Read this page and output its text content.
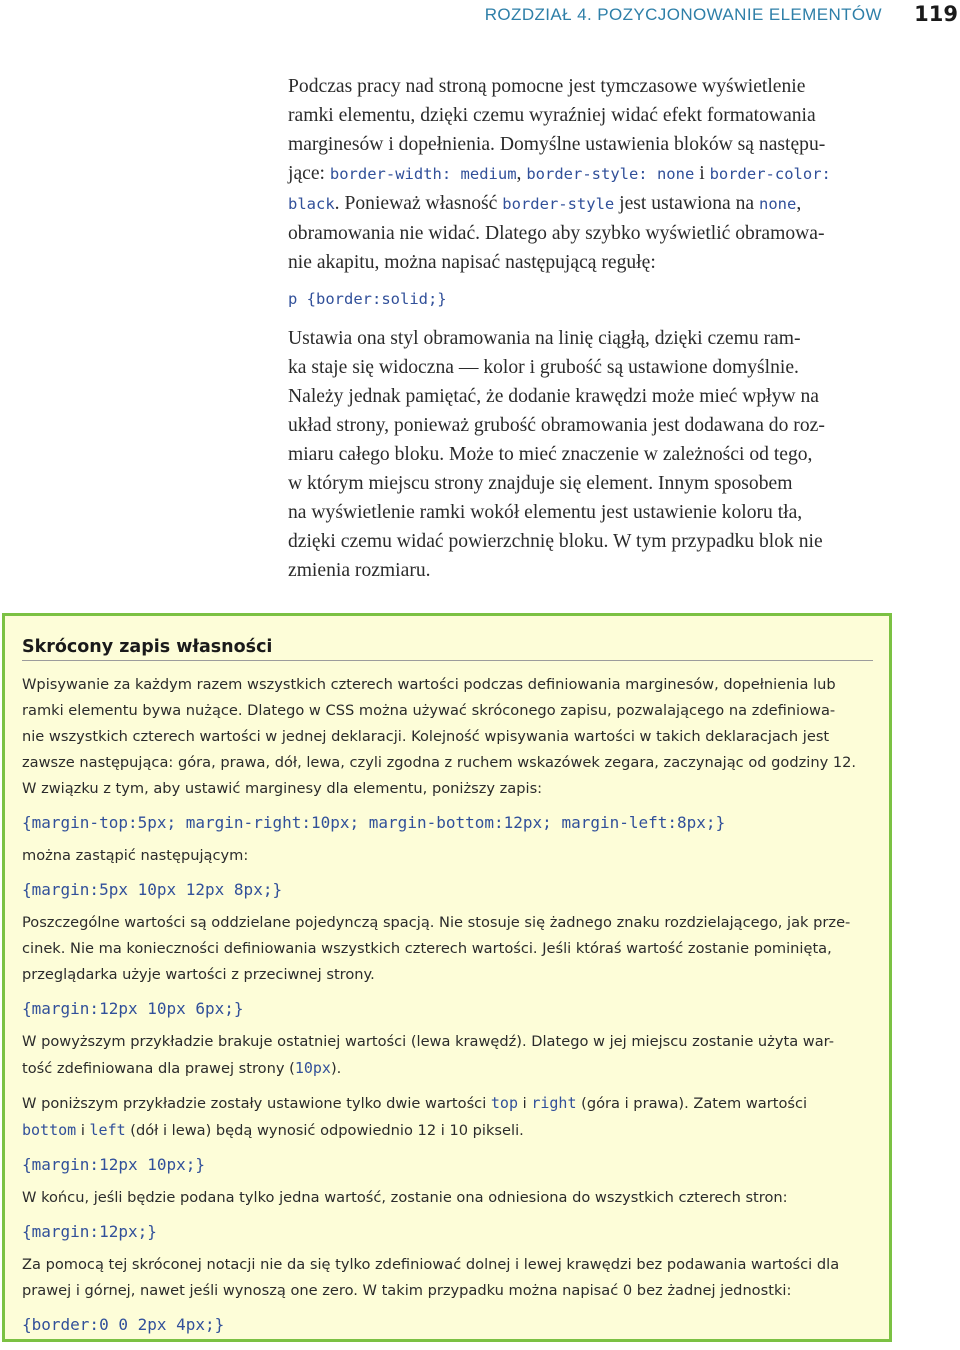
ROZDZIAŁ 4. POZYCJONOWANIE ELEMENTÓW 119

Podczas pracy nad stroną pomocne jest tymczasowe wyświetlenie
ramki elementu, dzięki czemu wyraźniej widać efekt formatowania
marginesów i dopełnienia. Domyślne ustawienia bloków są następu-
jące: border-width: medium, border-style: none i border-color:
black. Ponieważ własność border-style jest ustawiona na none,
obramowania nie widać. Dlatego aby szybko wyświetlić obramowa-
nie akapitu, można napisać następującą regułę:

p {border:solid;}

Ustawia ona styl obramowania na linię ciągłą, dzięki czemu ram-
ka staje się widoczna — kolor i grubość są ustawione domyślnie.
Należy jednak pamiętać, że dodanie krawędzi może mieć wpływ na
układ strony, ponieważ grubość obramowania jest dodawana do roz-
miaru całego bloku. Może to mieć znaczenie w zależności od tego,
w którym miejscu strony znajduje się element. Innym sposobem
na wyświetlenie ramki wokół elementu jest ustawienie koloru tła,
dzięki czemu widać powierzchnię bloku. W tym przypadku blok nie
zmienia rozmiaru.

Skrócony zapis własności

Wpisywanie za każdym razem wszystkich czterech wartości podczas definiowania marginesów, dopełnienia lub
ramki elementu bywa nużące. Dlatego w CSS można używać skróconego zapisu, pozwalającego na zdefiniowa-
nie wszystkich czterech wartości w jednej deklaracji. Kolejność wpisywania wartości w takich deklaracjach jest
zawsze następująca: góra, prawa, dół, lewa, czyli zgodna z ruchem wskazówek zegara, zaczynając od godziny 12.
W związku z tym, aby ustawić marginesy dla elementu, poniższy zapis:

{margin-top:5px; margin-right:10px; margin-bottom:12px; margin-left:8px;}

można zastąpić następującym:

{margin:5px 10px 12px 8px;}

Poszczególne wartości są oddzielane pojedynczą spacją. Nie stosuje się żadnego znaku rozdzielającego, jak prze-
cinek. Nie ma konieczności definiowania wszystkich czterech wartości. Jeśli któraś wartość zostanie pominięta,
przeglądarka użyje wartości z przeciwnej strony.

{margin:12px 10px 6px;}

W powyższym przykładzie brakuje ostatniej wartości (lewa krawędź). Dlatego w jej miejscu zostanie użyta war-
tość zdefiniowana dla prawej strony (10px).

W poniższym przykładzie zostały ustawione tylko dwie wartości top i right (góra i prawa). Zatem wartości
bottom i left (dół i lewa) będą wynosić odpowiednio 12 i 10 pikseli.

{margin:12px 10px;}

W końcu, jeśli będzie podana tylko jedna wartość, zostanie ona odniesiona do wszystkich czterech stron:

{margin:12px;}

Za pomocą tej skróconej notacji nie da się tylko zdefiniować dolnej i lewej krawędzi bez podawania wartości dla
prawej i górnej, nawet jeśli wynoszą one zero. W takim przypadku można napisać 0 bez żadnej jednostki:

{border:0 0 2px 4px;}
